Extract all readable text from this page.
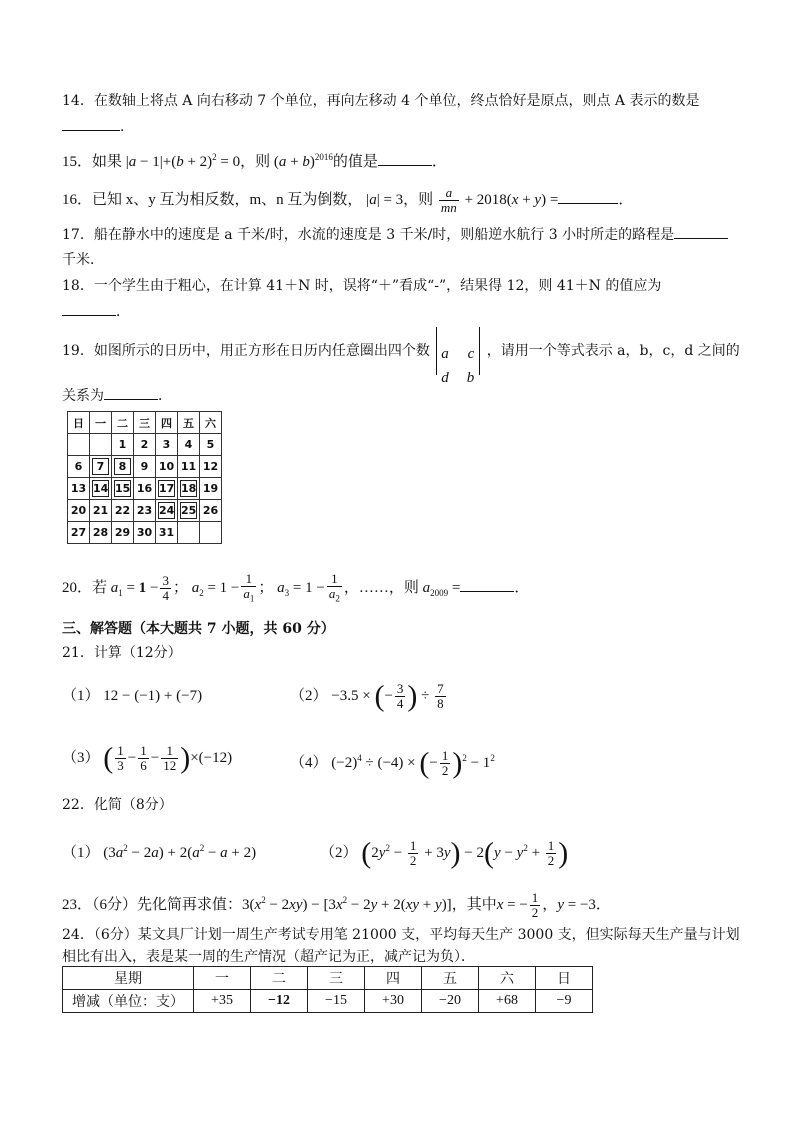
14．在数轴上将点 A 向右移动 7 个单位，再向左移动 4 个单位，终点恰好是原点，则点 A 表示的数是
．
15．如果 $|a - 1|+(b + 2)^2 = 0$，则 $(a + b)^{2016}$的值是	．
16．已知 x、y 互为相反数，m、n 互为倒数， |a| = 3，则 $\frac{a}{mn} + 2018(x + y)$ =	．
17．船在静水中的速度是 a 千米/时，水流的速度是 3 千米/时，则船逆水航行 3 小时所走的路程是
千米．
18．一个学生由于粗心，在计算 41＋N 时，误将“＋”看成“-”，结果得 12，则 41＋N 的值应为
．
19．如图所示的日历中，用正方形在日历内任意圈出四个数 a c
d b
，请用一个等式表示 a，b，c，d 之间的
关系为	．
日	一	二	三	四	五	六
		1	2	3	4	5
6	7	8	9	10	11	12
13	14	15	16	17	18	19
20	21	22	23	24	25	26
27	28	29	30	31		
20．若 $a_1 = 1 - \frac{3}{4}$ ； $a_2 = 1 - \frac{1}{a_1}$ ； $a_3 = 1 - \frac{1}{a_2}$ ，……，则 $a_{2009}$ =	．
三、解答题（本大题共 7 小题，共 60 分）
21．计算（12分）
（1） 12 − (−1) + (−7)	（2） −3.5 × (− $\frac{3}{4}$ ) ÷ $\frac{7}{8}$
（3） ( $\frac{1}{3} - \frac{1}{6} - \frac{1}{12} )\times(-12)$	（4） $(-2)^4 \div (-4)$ × (− $\frac{1}{2} )^2 - 1^2$
22．化简（8分）
（1） $(3a^2 - 2a) + 2(a^2 - a + 2)$	（2） $(2y^2 - \frac{1}{2} + 3y) - 2(y - y^2 + \frac{1}{2}$ )
23．（6分）先化简再求值：$3(x^2 - 2xy) - [3x^2 - 2y + 2(xy + y)]$，其中x = − $\frac{1}{2}$ ，y = −3．
24．（6分）某文具厂计划一周生产考试专用笔 21000 支，平均每天生产 3000 支，但实际每天生产量与计划
相比有出入，表是某一周的生产情况（超产记为正，减产记为负）．
星期	一	二	三	四	五	六	日
增减（单位：支）	+35	−12	−15	+30	−20	+68	−9
